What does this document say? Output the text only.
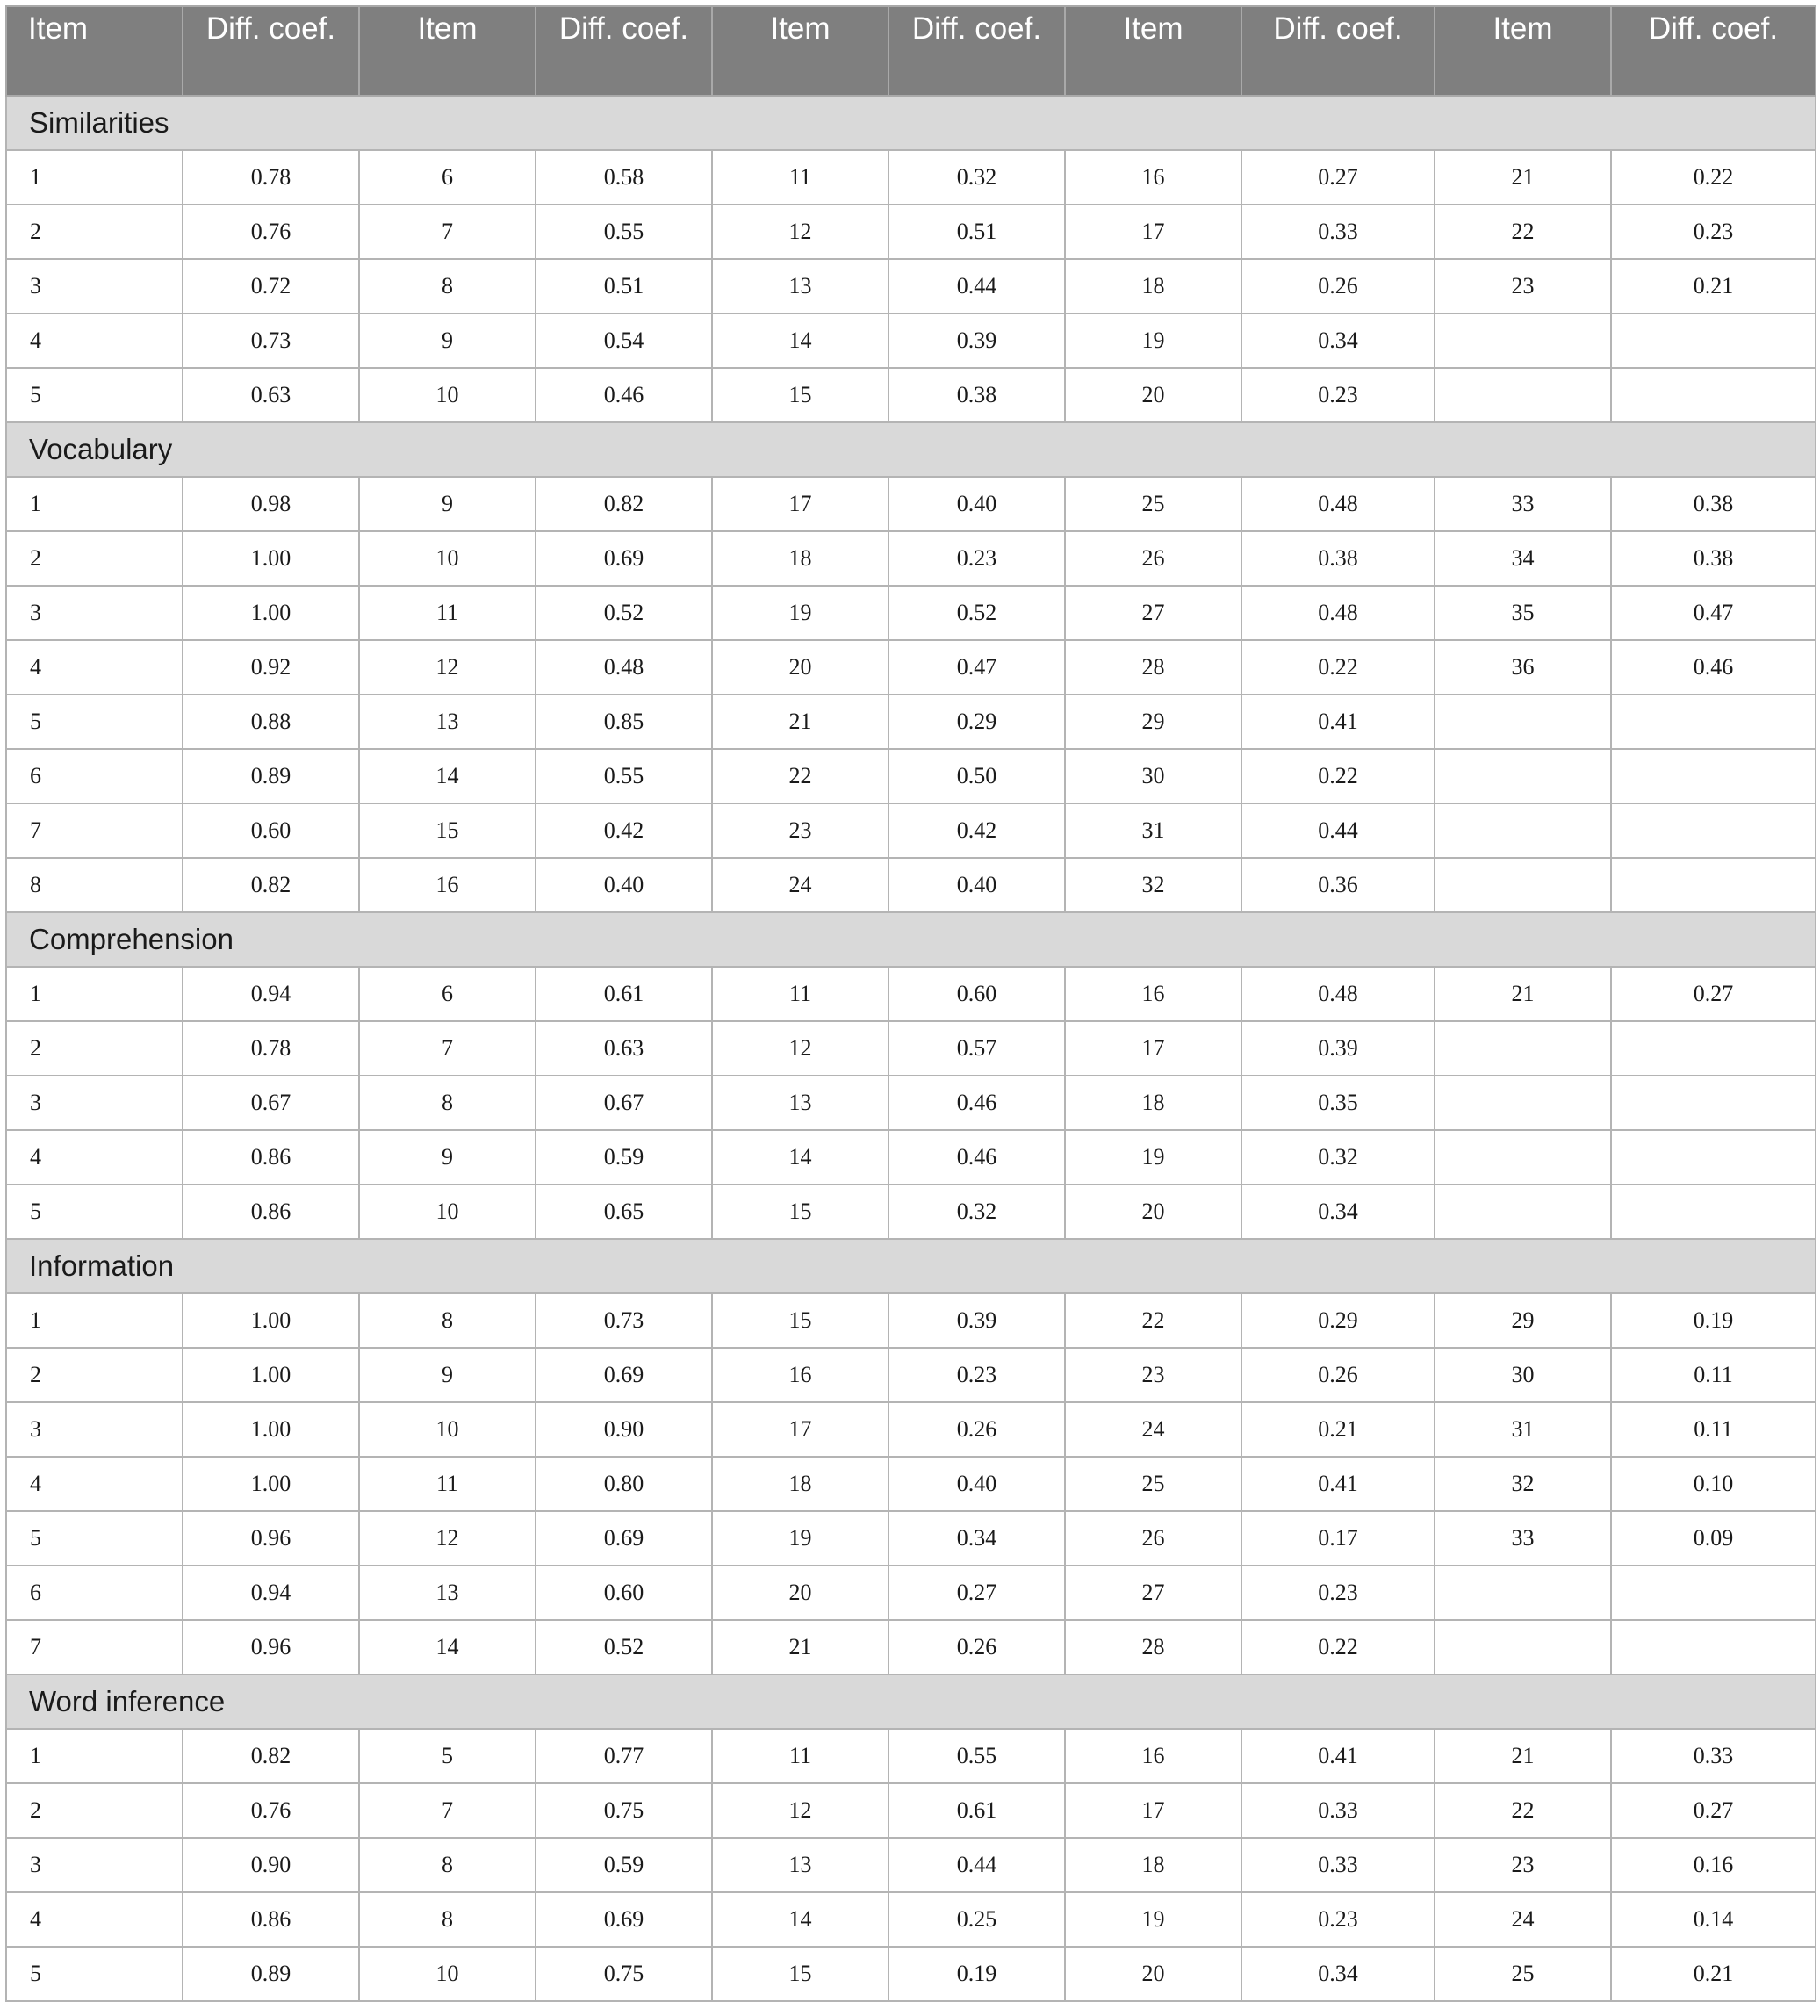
Item	Diff. coef.	Item	Diff. coef.	Item	Diff. coef.	Item	Diff. coef.	Item	Diff. coef.
Similarities									
1	0.78	6	0.58	11	0.32	16	0.27	21	0.22
2	0.76	7	0.55	12	0.51	17	0.33	22	0.23
3	0.72	8	0.51	13	0.44	18	0.26	23	0.21
4	0.73	9	0.54	14	0.39	19	0.34		
5	0.63	10	0.46	15	0.38	20	0.23		
Vocabulary									
1	0.98	9	0.82	17	0.40	25	0.48	33	0.38
2	1.00	10	0.69	18	0.23	26	0.38	34	0.38
3	1.00	11	0.52	19	0.52	27	0.48	35	0.47
4	0.92	12	0.48	20	0.47	28	0.22	36	0.46
5	0.88	13	0.85	21	0.29	29	0.41		
6	0.89	14	0.55	22	0.50	30	0.22		
7	0.60	15	0.42	23	0.42	31	0.44		
8	0.82	16	0.40	24	0.40	32	0.36		
Comprehension									
1	0.94	6	0.61	11	0.60	16	0.48	21	0.27
2	0.78	7	0.63	12	0.57	17	0.39		
3	0.67	8	0.67	13	0.46	18	0.35		
4	0.86	9	0.59	14	0.46	19	0.32		
5	0.86	10	0.65	15	0.32	20	0.34		
Information									
1	1.00	8	0.73	15	0.39	22	0.29	29	0.19
2	1.00	9	0.69	16	0.23	23	0.26	30	0.11
3	1.00	10	0.90	17	0.26	24	0.21	31	0.11
4	1.00	11	0.80	18	0.40	25	0.41	32	0.10
5	0.96	12	0.69	19	0.34	26	0.17	33	0.09
6	0.94	13	0.60	20	0.27	27	0.23		
7	0.96	14	0.52	21	0.26	28	0.22		
Word inference									
1	0.82	5	0.77	11	0.55	16	0.41	21	0.33
2	0.76	7	0.75	12	0.61	17	0.33	22	0.27
3	0.90	8	0.59	13	0.44	18	0.33	23	0.16
4	0.86	8	0.69	14	0.25	19	0.23	24	0.14
5	0.89	10	0.75	15	0.19	20	0.34	25	0.21
